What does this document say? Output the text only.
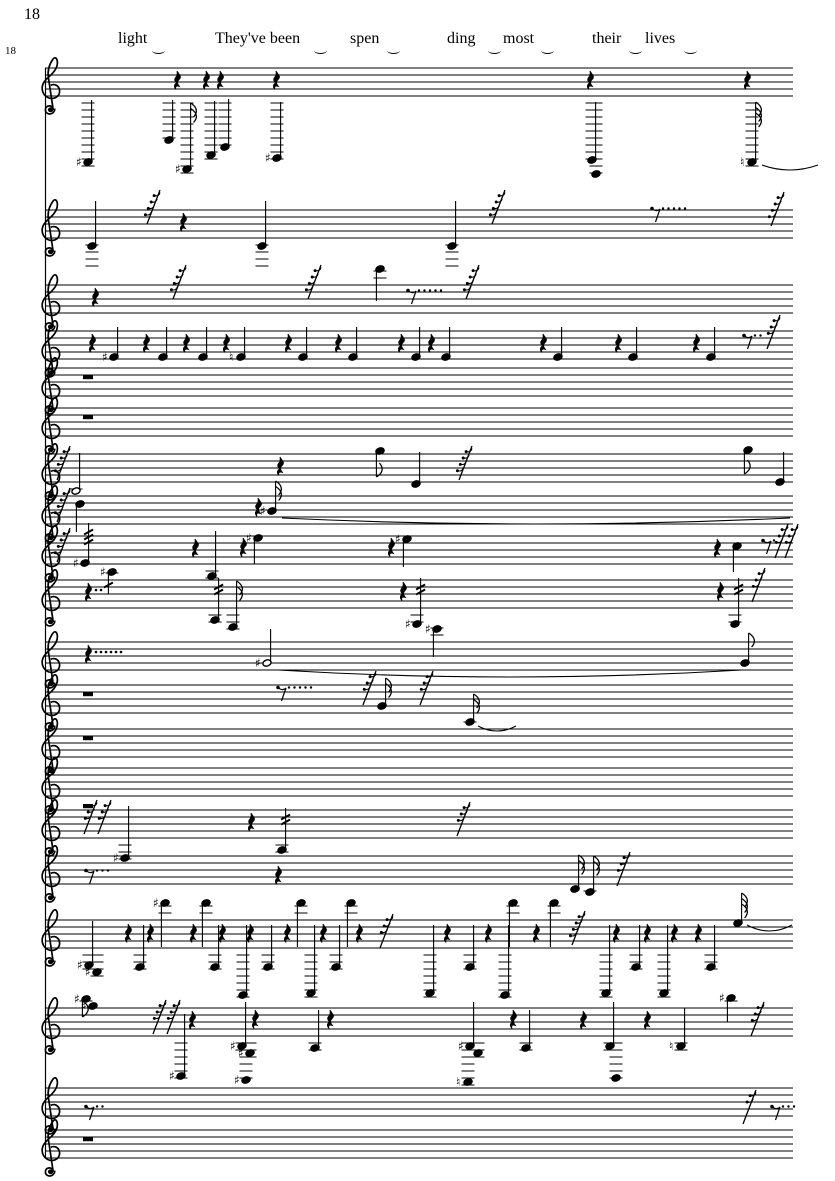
18
18
♯	♯
♯	♮
♯	♮
♯
♯
♯	♯
♯
♯
♯
♯
♯
♯ ♯
♯
♯ ♯
♯
♯ ♯
♯
♯
♮
♮
♯
light	They've been	spen	ding most	their lives
